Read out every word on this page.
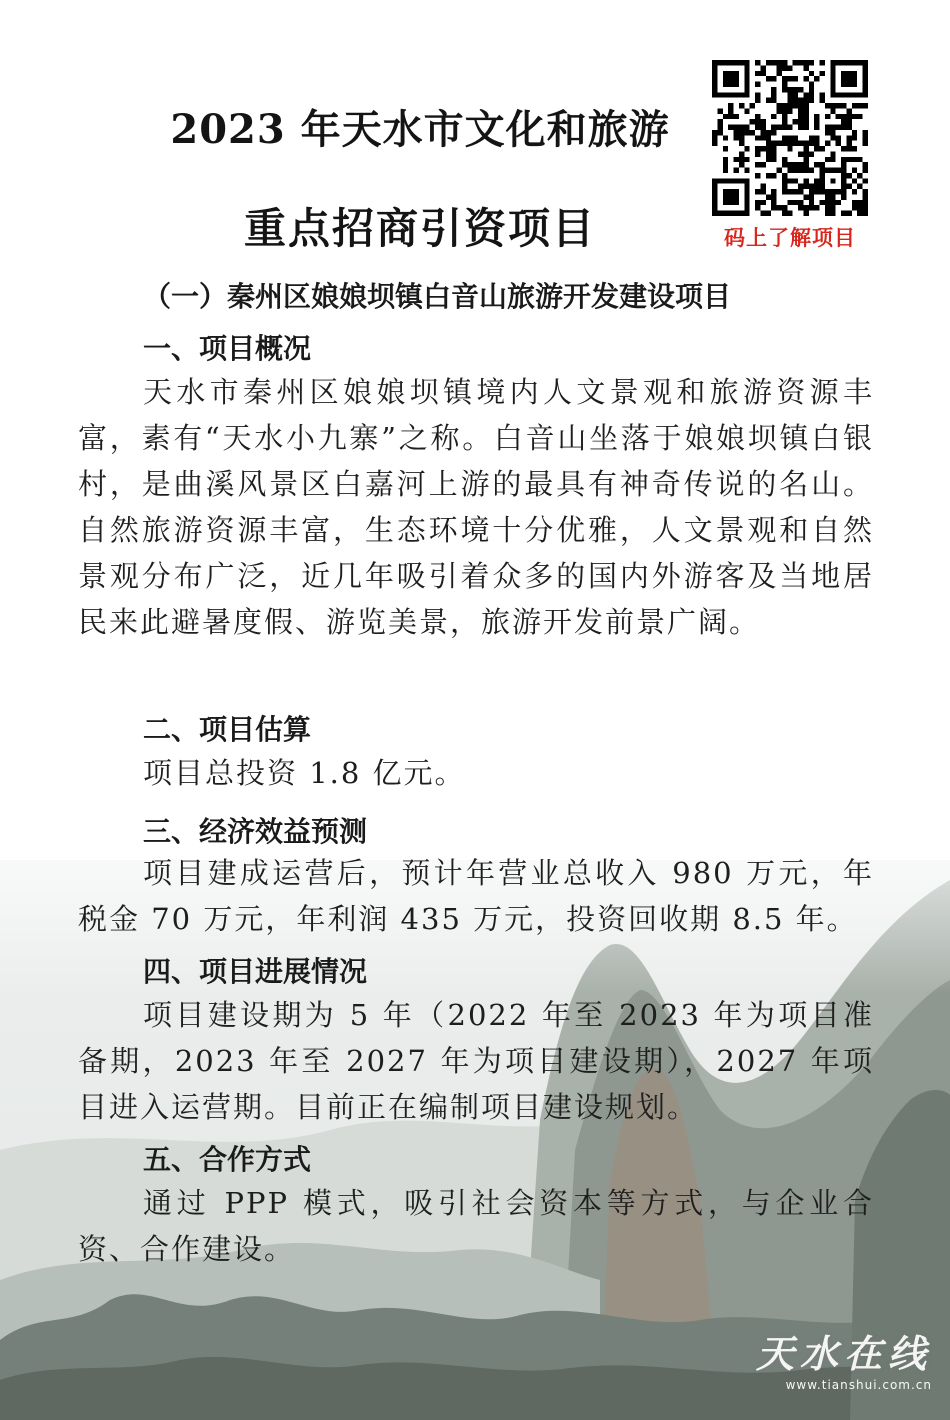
2023 年天水市文化和旅游
重点招商引资项目	码上了解项目
（一）秦州区娘娘坝镇白音山旅游开发建设项目
一、项目概况

天水市秦州区娘娘坝镇境内人文景观和旅游资源丰富，素有“天水小九寨”之称。白音山坐落于娘娘坝镇白银村，是曲溪风景区白嘉河上游的最具有神奇传说的名山。自然旅游资源丰富，生态环境十分优雅，人文景观和自然景观分布广泛，近几年吸引着众多的国内外游客及当地居民来此避暑度假、游览美景，旅游开发前景广阔。

二、项目估算

项目总投资 1.8 亿元。

三、经济效益预测

项目建成运营后，预计年营业总收入 980 万元，年税金 70 万元，年利润 435 万元，投资回收期 8.5 年。

四、项目进展情况

项目建设期为 5 年（2022 年至 2023 年为项目准备期，2023 年至 2027 年为项目建设期），2027 年项目进入运营期。目前正在编制项目建设规划。

五、合作方式

通过 PPP 模式，吸引社会资本等方式，与企业合资、合作建设。

天水在线
www.tianshui.com.cn
